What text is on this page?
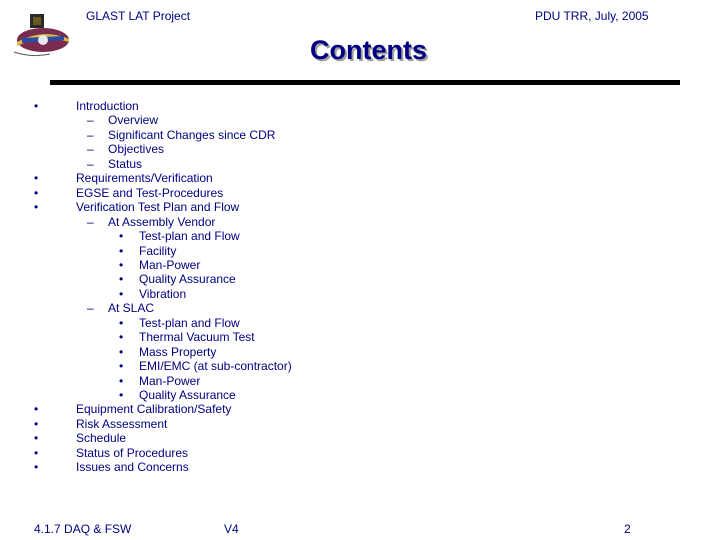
GLAST LAT Project	PDU TRR, July, 2005
Contents
•	Introduction
– Overview
– Significant Changes since CDR
– Objectives
– Status
•	Requirements/Verification
•	EGSE and Test-Procedures
•	Verification Test Plan and Flow
– At Assembly Vendor
• Test-plan and Flow
• Facility
• Man-Power
• Quality Assurance
• Vibration
– At SLAC
• Test-plan and Flow
• Thermal Vacuum Test
• Mass Property
• EMI/EMC (at sub-contractor)
• Man-Power
• Quality Assurance
•	Equipment Calibration/Safety
•	Risk Assessment
•	Schedule
•	Status of Procedures
•	Issues and Concerns
4.1.7 DAQ & FSW	V4	2
